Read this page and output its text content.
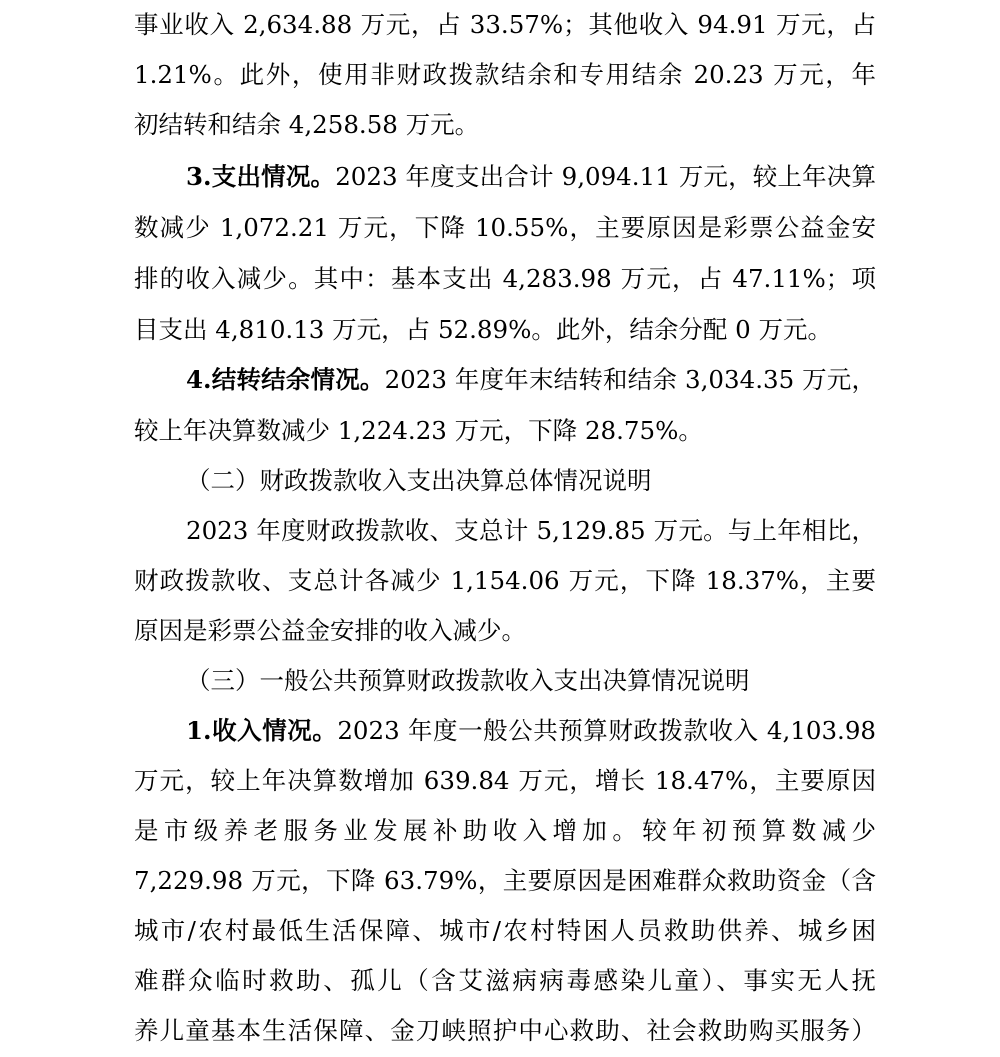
事业收入 2,634.88 万元，占 33.57%；其他收入 94.91 万元，占
1.21%。此外，使用非财政拨款结余和专用结余 20.23 万元，年
初结转和结余 4,258.58 万元。
3.支出情况。2023 年度支出合计 9,094.11 万元，较上年决算
数减少 1,072.21 万元，下降 10.55%，主要原因是彩票公益金安
排的收入减少。其中：基本支出 4,283.98 万元，占 47.11%；项
目支出 4,810.13 万元，占 52.89%。此外，结余分配 0 万元。
4.结转结余情况。2023 年度年末结转和结余 3,034.35 万元，
较上年决算数减少 1,224.23 万元，下降 28.75%。
（二）财政拨款收入支出决算总体情况说明
2023 年度财政拨款收、支总计 5,129.85 万元。与上年相比，
财政拨款收、支总计各减少 1,154.06 万元，下降 18.37%，主要
原因是彩票公益金安排的收入减少。
（三）一般公共预算财政拨款收入支出决算情况说明
1.收入情况。2023 年度一般公共预算财政拨款收入 4,103.98
万元，较上年决算数增加 639.84 万元，增长 18.47%，主要原因
是市级养老服务业发展补助收入增加。较年初预算数减少
7,229.98 万元，下降 63.79%，主要原因是困难群众救助资金（含
城市/农村最低生活保障、城市/农村特困人员救助供养、城乡困
难群众临时救助、孤儿（含艾滋病病毒感染儿童）、事实无人抚
养儿童基本生活保障、金刀峡照护中心救助、社会救助购买服务）
